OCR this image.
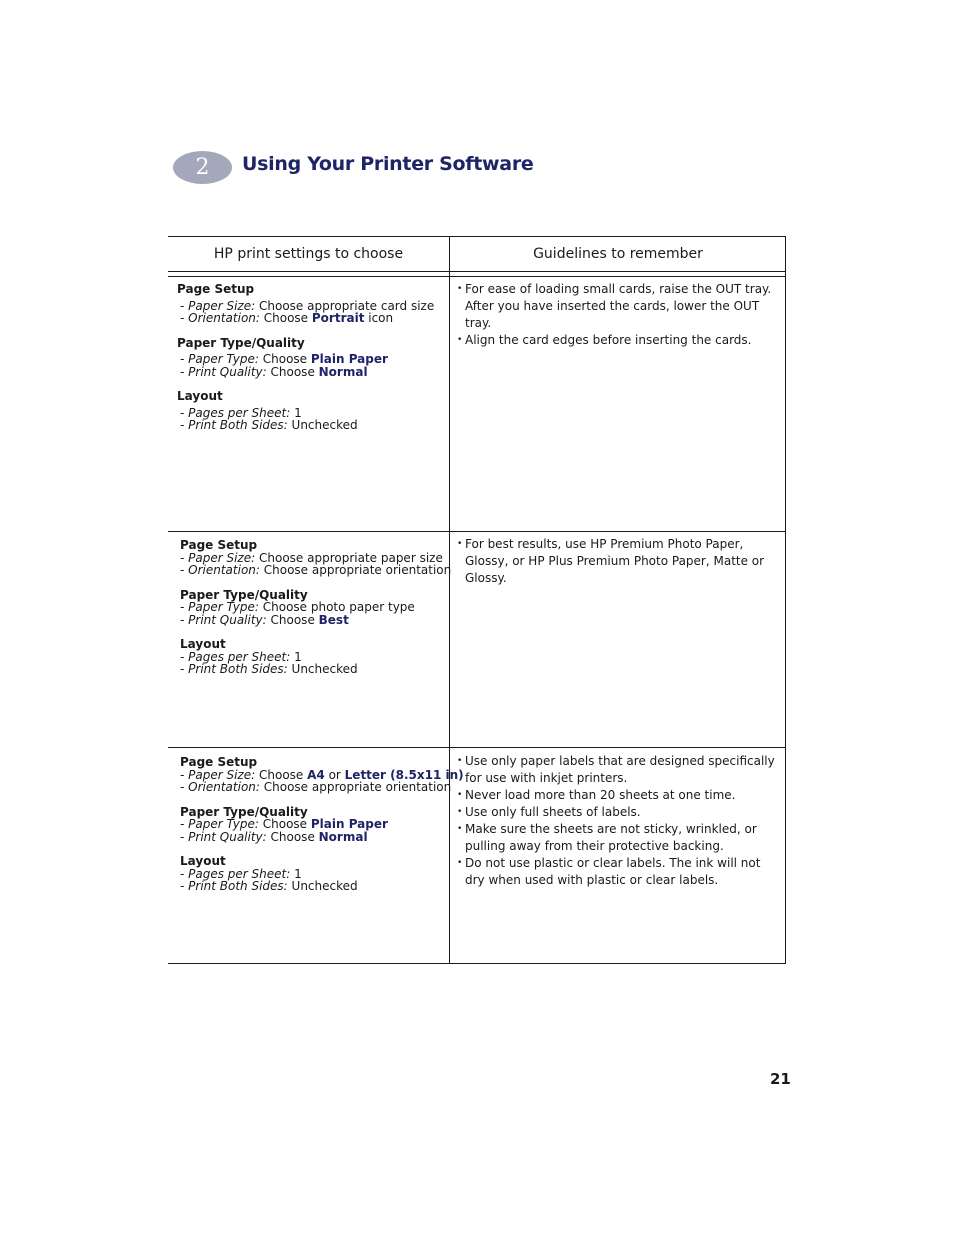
2	Using Your Printer Software
HP print settings to choose	Guidelines to remember
Page Setup
- Paper Size: Choose appropriate card size
- Orientation: Choose Portrait icon
Paper Type/Quality
- Paper Type: Choose Plain Paper
- Print Quality: Choose Normal
Layout
- Pages per Sheet: 1
- Print Both Sides: Unchecked
• For ease of loading small cards, raise the OUT tray. After you have inserted the cards, lower the OUT tray.
• Align the card edges before inserting the cards.
Page Setup
- Paper Size: Choose appropriate paper size
- Orientation: Choose appropriate orientation
Paper Type/Quality
- Paper Type: Choose photo paper type
- Print Quality: Choose Best
Layout
- Pages per Sheet: 1
- Print Both Sides: Unchecked
• For best results, use HP Premium Photo Paper, Glossy, or HP Plus Premium Photo Paper, Matte or Glossy.
Page Setup
- Paper Size: Choose A4 or Letter (8.5x11 in)
- Orientation: Choose appropriate orientation
Paper Type/Quality
- Paper Type: Choose Plain Paper
- Print Quality: Choose Normal
Layout
- Pages per Sheet: 1
- Print Both Sides: Unchecked
• Use only paper labels that are designed specifically for use with inkjet printers.
• Never load more than 20 sheets at one time.
• Use only full sheets of labels.
• Make sure the sheets are not sticky, wrinkled, or pulling away from their protective backing.
• Do not use plastic or clear labels. The ink will not dry when used with plastic or clear labels.
21
